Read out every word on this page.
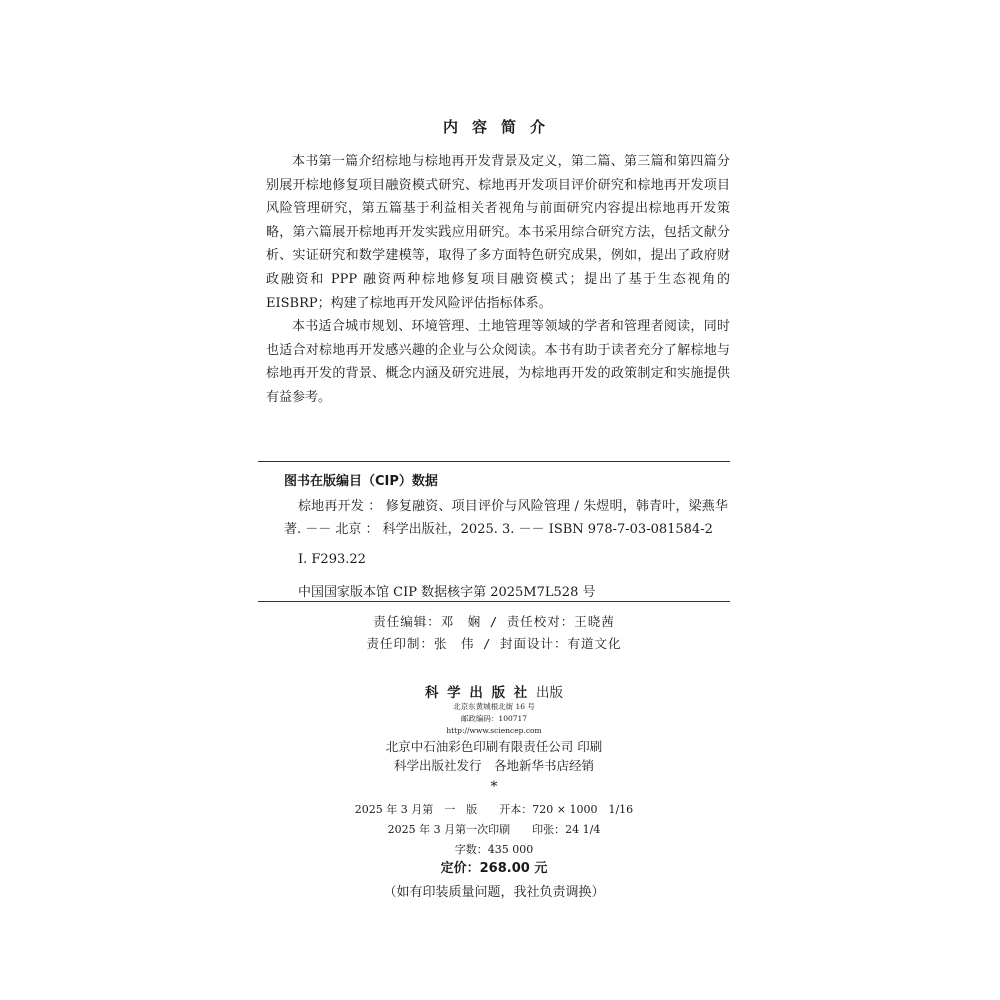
内容简介

本书第一篇介绍棕地与棕地再开发背景及定义，第二篇、第三篇和第四篇分别展开棕地修复项目融资模式研究、棕地再开发项目评价研究和棕地再开发项目风险管理研究，第五篇基于利益相关者视角与前面研究内容提出棕地再开发策略，第六篇展开棕地再开发实践应用研究。本书采用综合研究方法，包括文献分析、实证研究和数学建模等，取得了多方面特色研究成果，例如，提出了政府财政融资和 PPP 融资两种棕地修复项目融资模式；提出了基于生态视角的 EISBRP；构建了棕地再开发风险评估指标体系。

本书适合城市规划、环境管理、土地管理等领域的学者和管理者阅读，同时也适合对棕地再开发感兴趣的企业与公众阅读。本书有助于读者充分了解棕地与棕地再开发的背景、概念内涵及研究进展，为棕地再开发的政策制定和实施提供有益参考。

图书在版编目（CIP）数据
棕地再开发 ： 修复融资、项目评价与风险管理 / 朱煜明，韩青叶，梁燕华著. －－ 北京 ： 科学出版社，2025. 3. －－ ISBN 978-7-03-081584-2
Ⅰ. F293.22
中国国家版本馆 CIP 数据核字第 2025M7L528 号
责任编辑：邓　娴 / 责任校对：王晓茜
责任印制：张　伟 / 封面设计：有道文化
科 学 出 版 社 出版
北京东黄城根北街 16 号
邮政编码：100717
http://www.sciencep.com
北京中石油彩色印刷有限责任公司 印刷
科学出版社发行　各地新华书店经销
*
2025 年 3 月第　一　版　　开本：720 × 1000　1/16
2025 年 3 月第一次印刷　　印张：24 1/4
字数：435 000
定价：268.00 元
（如有印装质量问题，我社负责调换）
